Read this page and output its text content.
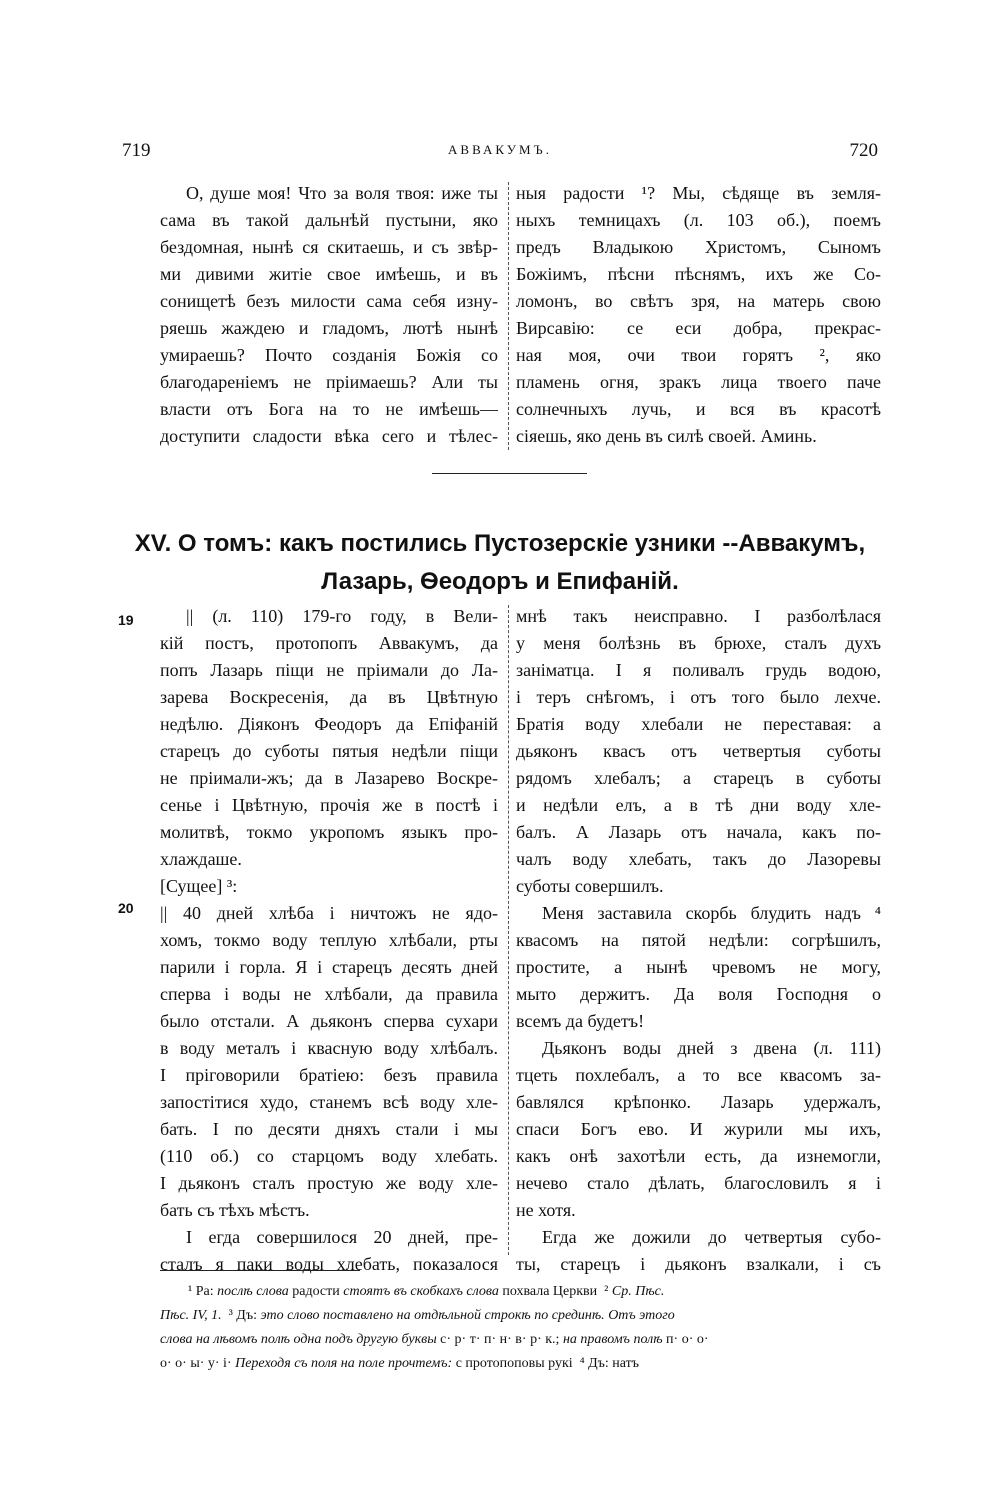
719	АВВАКУМЪ.	720
О, душе моя! Что за воля твоя: иже ты
сама въ такой дальнѣй пустыни, яко
бездомная, нынѣ ся скитаешь, и съ звѣр-
ми дивими житіе свое имѣешь, и въ
сонищетѣ безъ милости сама себя изну-
ряешь жаждею и гладомъ, лютѣ нынѣ
умираешь? Почто созданія Божія со
благодареніемъ не пріимаешь? Али ты
власти отъ Бога на то не имѣешь—
доступити сладости вѣка сего и тѣлес-
ныя радости ¹? Мы, сѣдяще въ земля-
ныхъ темницахъ (л. 103 об.), поемъ
предъ Владыкою Христомъ, Сыномъ
Божіимъ, пѣсни пѣснямъ, ихъ же Со-
ломонъ, во свѣтъ зря, на матерь свою
Вирсавію: се еси добра, прекрас-
ная моя, очи твои горятъ ², яко
пламень огня, зракъ лица твоего паче
солнечныхъ лучь, и вся въ красотѣ
сіяешь, яко день въ силѣ своей. Аминь.
XV. О томъ: какъ постились Пустозерскіе узники --Аввакумъ,
Лазарь, Ѳеодоръ и Епифаній.
19
20
|| (л. 110) 179-го году, в Вели-
кій постъ, протопопъ Аввакумъ, да
попъ Лазарь піщи не пріимали до Ла-
зарева Воскресенія, да въ Цвѣтную
недѣлю. Діяконъ Феодоръ да Епіфаній
старецъ до суботы пятыя недѣли піщи
не пріимали-жъ; да в Лазарево Воскре-
сенье і Цвѣтную, прочія же в постѣ і
молитвѣ, токмо укропомъ языкъ про-
хлаждаше.
[Сущее] ³:
|| 40 дней хлѣба і ничтожъ не ядо-
хомъ, токмо воду теплую хлѣбали, рты
парили і горла. Я і старецъ десять дней
сперва і воды не хлѣбали, да правила
было отстали. А дьяконъ сперва сухари
в воду металъ і квасную воду хлѣбалъ.
І пріговорили братіею: безъ правила
запостітися худо, станемъ всѣ воду хле-
бать. І по десяти дняхъ стали і мы
(110 об.) со старцомъ воду хлебать.
І дьяконъ сталъ простую же воду хле-
бать съ тѣхъ мѣстъ.
І егда совершилося 20 дней, пре-
сталъ я паки воды хлебать, показалося
мнѣ такъ неисправно. І разболѣлася
у меня болѣзнь въ брюхе, сталъ духъ
заніматца. І я поливалъ грудь водою,
і теръ снѣгомъ, і отъ того было лехче.
Братія воду хлебали не переставая: а
дьяконъ квасъ отъ четвертыя суботы
рядомъ хлебалъ; а старецъ в суботы
и недѣли елъ, а в тѣ дни воду хле-
балъ. А Лазарь отъ начала, какъ по-
чалъ воду хлебать, такъ до Лазоревы
суботы совершилъ.
Меня заставила скорбь блудить надъ ⁴
квасомъ на пятой недѣли: согрѣшилъ,
простите, а нынѣ чревомъ не могу,
мыто держитъ. Да воля Господня о
всемъ да будетъ!
Дьяконъ воды дней з двена (л. 111)
тцеть похлебалъ, а то все квасомъ за-
бавлялся крѣпонко. Лазарь удержалъ,
спаси Богъ ево. И журили мы ихъ,
какъ онѣ захотѣли есть, да изнемогли,
нечево стало дѣлать, благословилъ я і
не хотя.
Егда же дожили до четвертыя субо-
ты, старецъ і дьяконъ взалкали, і съ
¹ Ра: послѣ слова радости стоятъ въ скобкахъ слова похвала Церкви ² Ср. Пѣс.
Пѣс. IV, 1. ³ Дъ: это слово поставлено на отдѣльной строкѣ по срединѣ. Отъ этого
слова на лѣвомъ полѣ одна подъ другую буквы с· р· т· п· н· в· р· к.; на правомъ полѣ п· о· о·
о· о· ы· у· і· Переходя съ поля на поле прочтемъ: с протопоповы рукі ⁴ Дъ: натъ
